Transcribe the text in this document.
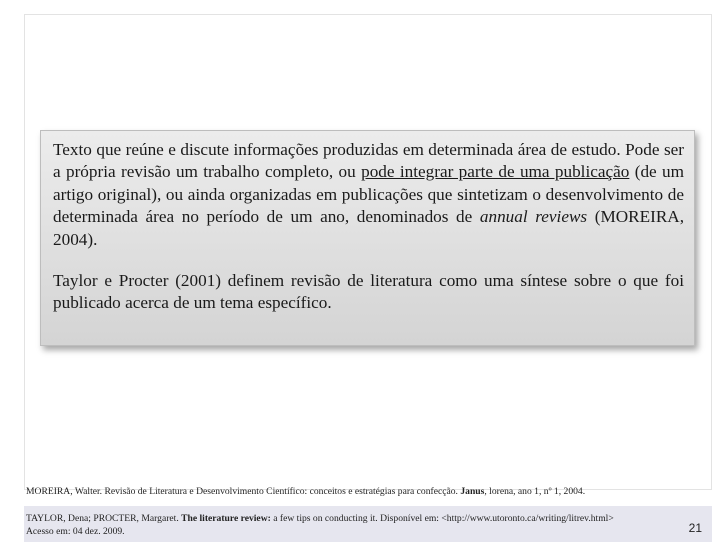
Texto que reúne e discute informações produzidas em determinada área de estudo. Pode ser a própria revisão um trabalho completo, ou pode integrar parte de uma publicação (de um artigo original), ou ainda organizadas em publicações que sintetizam o desenvolvimento de determinada área no período de um ano, denominados de annual reviews (MOREIRA, 2004).

Taylor e Procter (2001) definem revisão de literatura como uma síntese sobre o que foi publicado acerca de um tema específico.

MOREIRA, Walter. Revisão de Literatura e Desenvolvimento Científico: conceitos e estratégias para confecção. Janus, lorena, ano 1, nº 1, 2004.
TAYLOR, Dena; PROCTER, Margaret. The literature review: a few tips on conducting it. Disponível em: <http://www.utoronto.ca/writing/litrev.html>
Acesso em: 04 dez. 2009.	21
